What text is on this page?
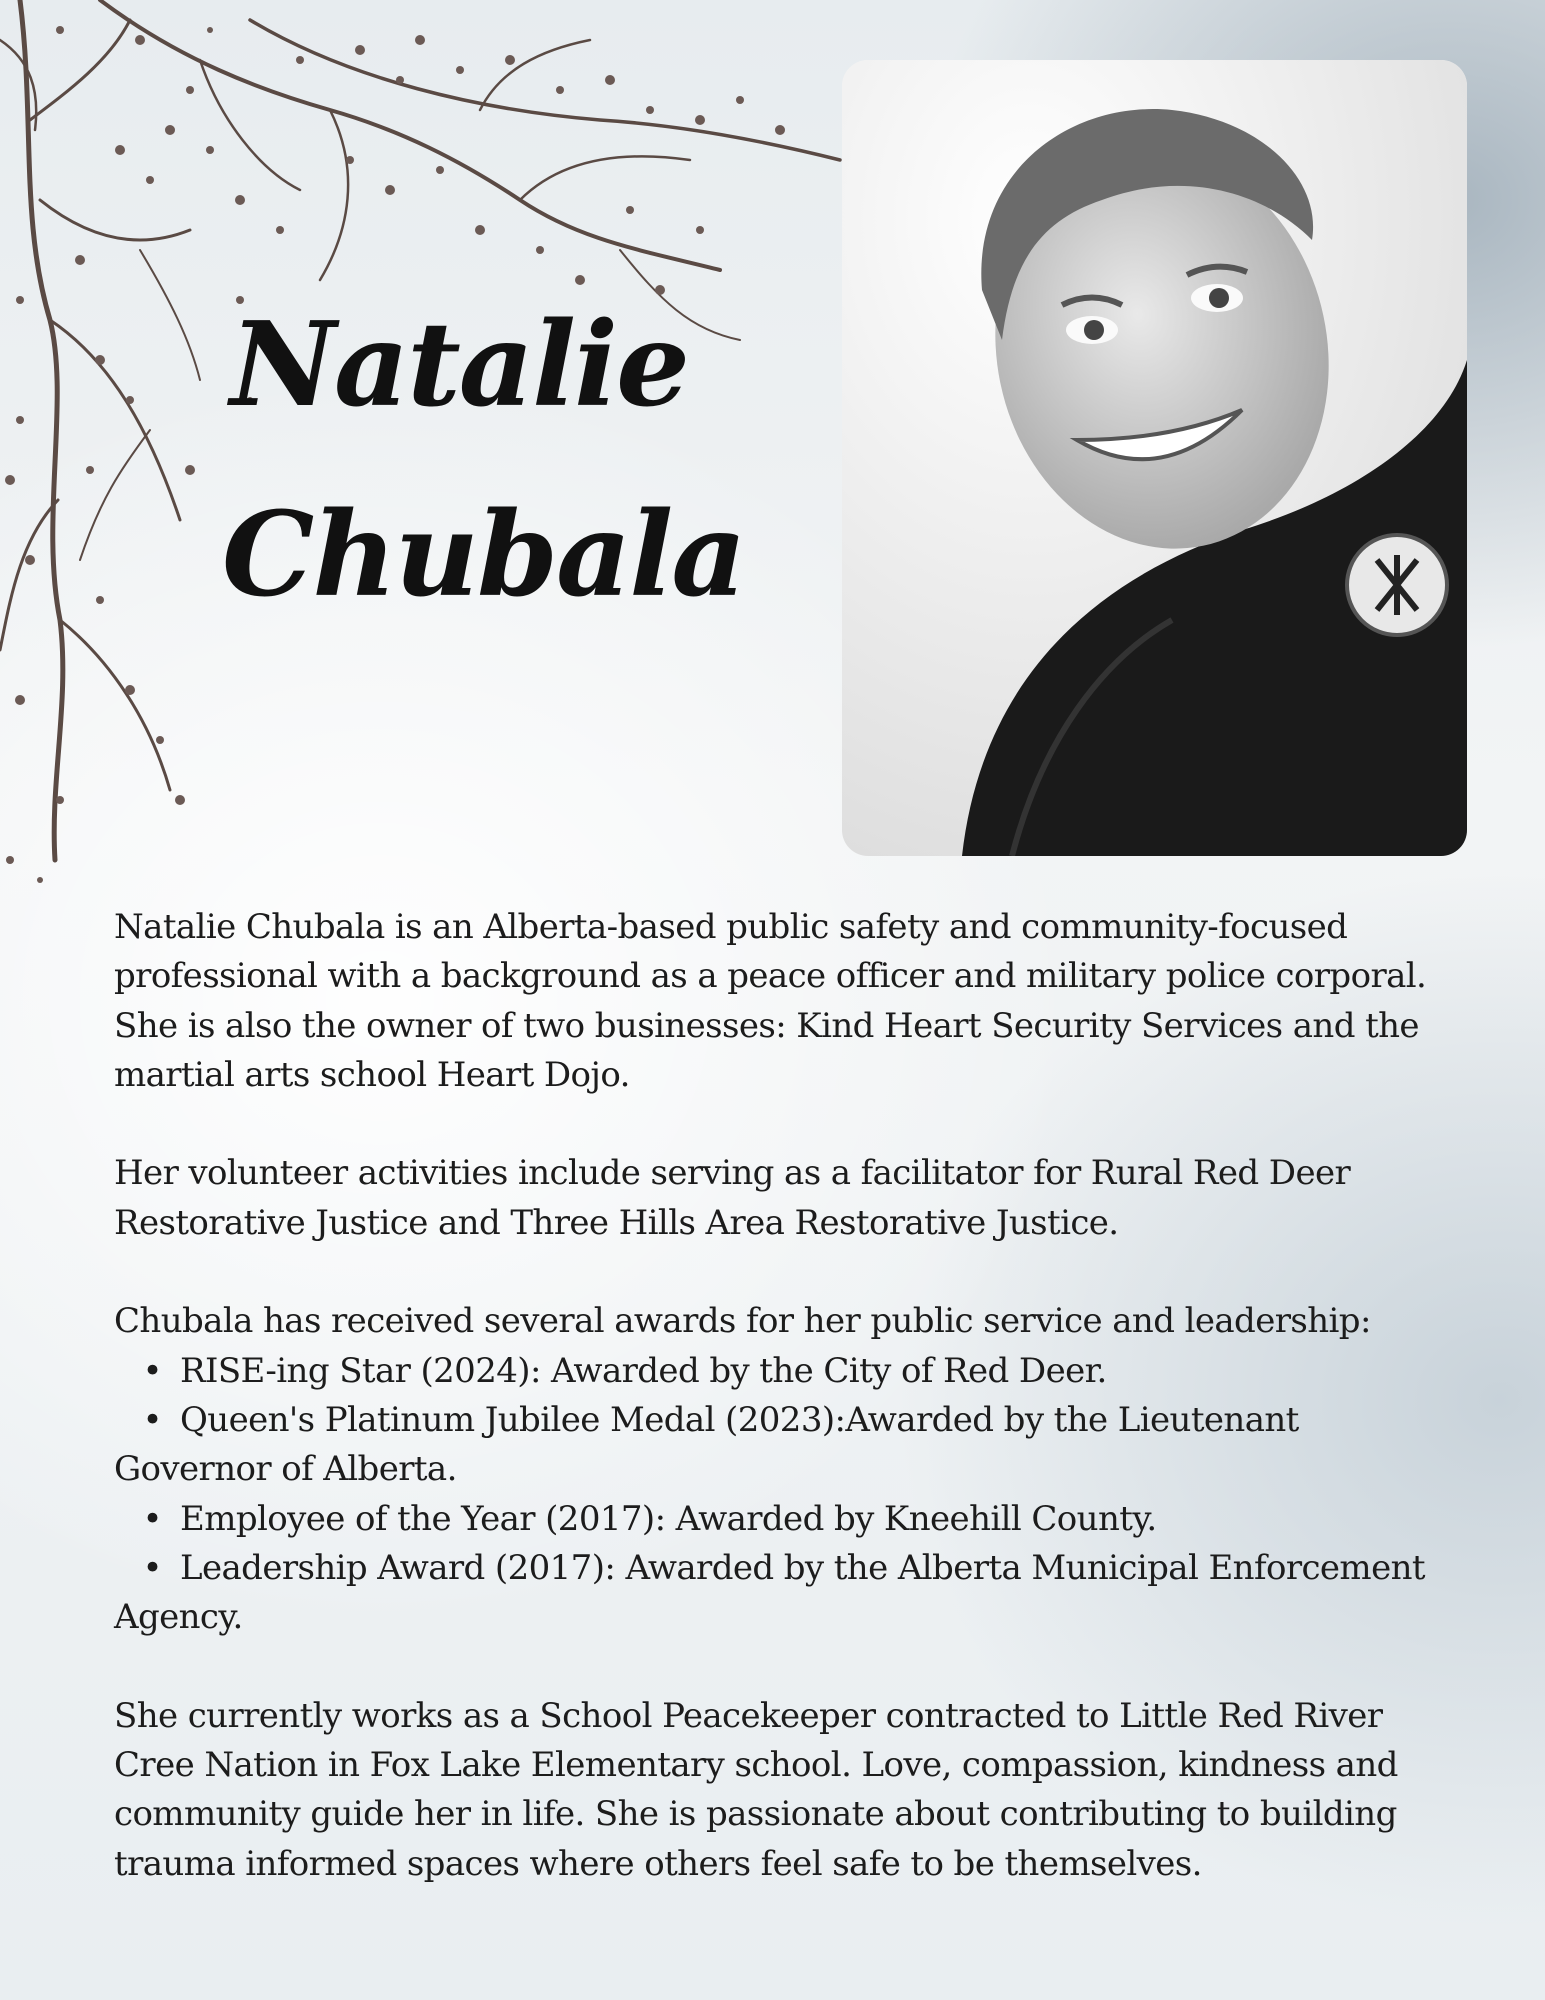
Natalie
Chubala

Natalie Chubala is an Alberta-based public safety and community-focused professional with a background as a peace officer and military police corporal. She is also the owner of two businesses: Kind Heart Security Services and the martial arts school Heart Dojo.

Her volunteer activities include serving as a facilitator for Rural Red Deer Restorative Justice and Three Hills Area Restorative Justice.

Chubala has received several awards for her public service and leadership:

• RISE-ing Star (2024): Awarded by the City of Red Deer.
• Queen's Platinum Jubilee Medal (2023):Awarded by the Lieutenant Governor of Alberta.
• Employee of the Year (2017): Awarded by Kneehill County.
• Leadership Award (2017): Awarded by the Alberta Municipal Enforcement Agency.

She currently works as a School Peacekeeper contracted to Little Red River Cree Nation in Fox Lake Elementary school. Love, compassion, kindness and community guide her in life. She is passionate about contributing to building trauma informed spaces where others feel safe to be themselves.
